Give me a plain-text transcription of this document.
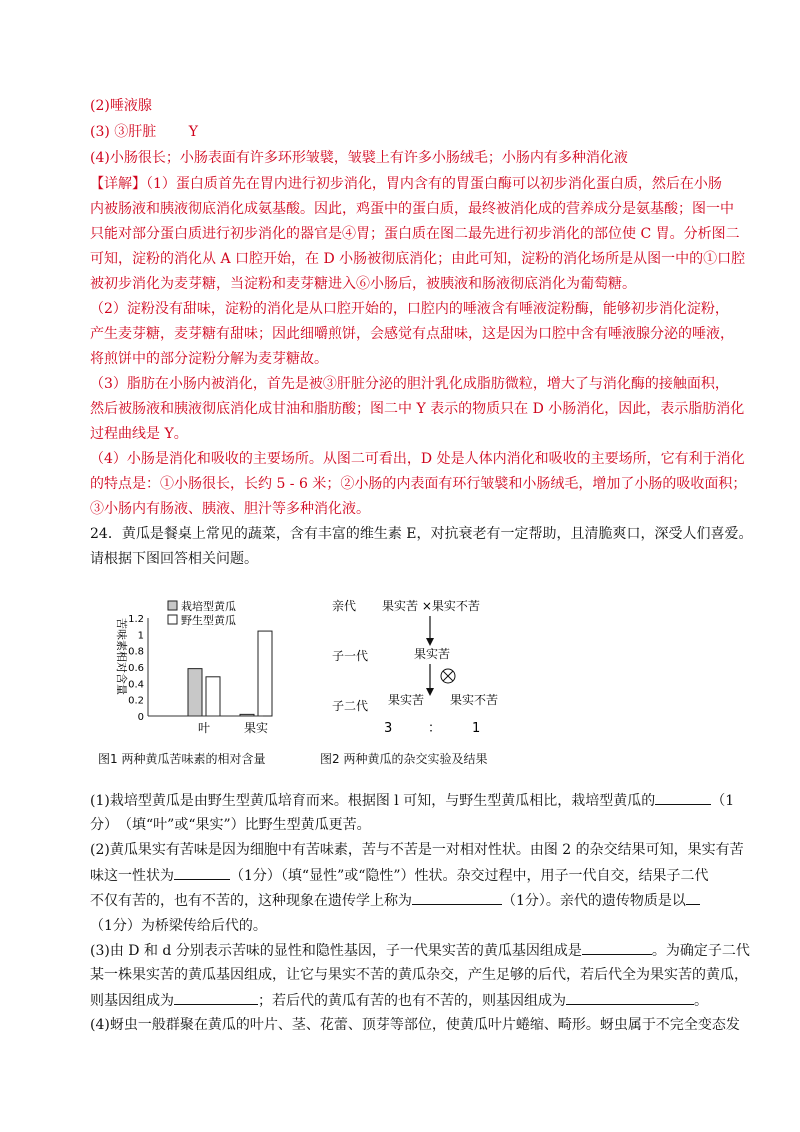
(2)唾液腺
(3) ③肝脏　　 Y
(4)小肠很长；小肠表面有许多环形皱襞，皱襞上有许多小肠绒毛；小肠内有多种消化液
【详解】（1）蛋白质首先在胃内进行初步消化，胃内含有的胃蛋白酶可以初步消化蛋白质，然后在小肠
内被肠液和胰液彻底消化成氨基酸。因此，鸡蛋中的蛋白质，最终被消化成的营养成分是氨基酸；图一中
只能对部分蛋白质进行初步消化的器官是④胃；蛋白质在图二最先进行初步消化的部位使 C 胃。分析图二
可知，淀粉的消化从 A 口腔开始，在 D 小肠被彻底消化；由此可知，淀粉的消化场所是从图一中的①口腔
被初步消化为麦芽糖，当淀粉和麦芽糖进入⑥小肠后，被胰液和肠液彻底消化为葡萄糖。
（2）淀粉没有甜味，淀粉的消化是从口腔开始的，口腔内的唾液含有唾液淀粉酶，能够初步消化淀粉，
产生麦芽糖，麦芽糖有甜味；因此细嚼煎饼，会感觉有点甜味，这是因为口腔中含有唾液腺分泌的唾液，
将煎饼中的部分淀粉分解为麦芽糖故。
（3）脂肪在小肠内被消化，首先是被③肝脏分泌的胆汁乳化成脂肪微粒，增大了与消化酶的接触面积，
然后被肠液和胰液彻底消化成甘油和脂肪酸；图二中 Y 表示的物质只在 D 小肠消化，因此，表示脂肪消化
过程曲线是 Y。
（4）小肠是消化和吸收的主要场所。从图二可看出，D 处是人体内消化和吸收的主要场所，它有利于消化
的特点是：①小肠很长，长约 5 - 6 米；②小肠的内表面有环行皱襞和小肠绒毛，增加了小肠的吸收面积；
③小肠内有肠液、胰液、胆汁等多种消化液。
24．黄瓜是餐桌上常见的蔬菜，含有丰富的维生素 E，对抗衰老有一定帮助，且清脆爽口，深受人们喜爱。
请根据下图回答相关问题。
苦味素相对含量
0
0.2
0.4
0.6
0.8
1
1.2
栽培型黄瓜
野生型黄瓜
叶	果实
图1 两种黄瓜苦味素的相对含量
亲代 果实苦 ×果实不苦
子一代	果实苦
子二代 果实苦 果实不苦
3	： 1
图2 两种黄瓜的杂交实验及结果
(1)栽培型黄瓜是由野生型黄瓜培育而来。根据图 l 可知，与野生型黄瓜相比，栽培型黄瓜的	（1
分）　（填“叶”或“果实”）比野生型黄瓜更苦。
(2)黄瓜果实有苦味是因为细胞中有苦味素，苦与不苦是一对相对性状。由图 2 的杂交结果可知，果实有苦
味这一性状为	（1分）（填“显性”或“隐性”）性状。杂交过程中，用子一代自交，结果子二代
不仅有苦的，也有不苦的，这种现象在遗传学上称为	（1分）。亲代的遗传物质是以
（1分）为桥梁传给后代的。
(3)由 D 和 d 分别表示苦味的显性和隐性基因，子一代果实苦的黄瓜基因组成是	。为确定子二代
某一株果实苦的黄瓜基因组成，让它与果实不苦的黄瓜杂交，产生足够的后代，若后代全为果实苦的黄瓜，
则基因组成为	；若后代的黄瓜有苦的也有不苦的，则基因组成为	。
(4)蚜虫一般群聚在黄瓜的叶片、茎、花蕾、顶芽等部位，使黄瓜叶片蜷缩、畸形。蚜虫属于不完全变态发
